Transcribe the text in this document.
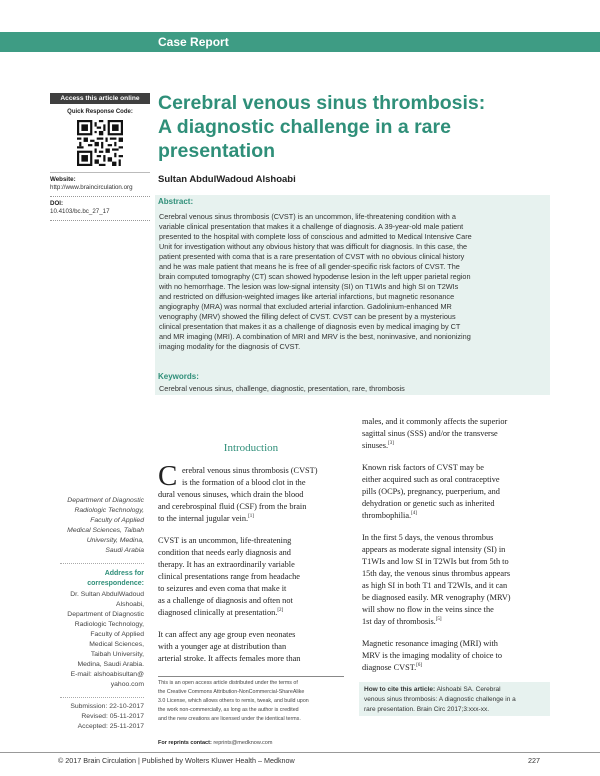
Case Report
Access this article online
Quick Response Code:
Website:
http://www.braincirculation.org
DOI:
10.4103/bc.bc_27_17
Cerebral venous sinus thrombosis:
A diagnostic challenge in a rare
presentation
Sultan AbdulWadoud Alshoabi
Abstract:
Cerebral venous sinus thrombosis (CVST) is an uncommon, life-threatening condition with a
variable clinical presentation that makes it a challenge of diagnosis. A 39-year-old male patient
presented to the hospital with complete loss of conscious and admitted to Medical Intensive Care
Unit for investigation without any obvious history that was difficult for diagnosis. In this case, the
patient presented with coma that is a rare presentation of CVST with no obvious clinical history
and he was male patient that means he is free of all gender-specific risk factors of CVST. The
brain computed tomography (CT) scan showed hypodense lesion in the left upper parietal region
with no hemorrhage. The lesion was low-signal intensity (SI) on T1WIs and high SI on T2WIs
and restricted on diffusion-weighted images like arterial infarctions, but magnetic resonance
angiography (MRA) was normal that excluded arterial infarction. Gadolinium-enhanced MR
venography (MRV) showed the filling defect of CVST. CVST can be present by a mysterious
clinical presentation that makes it as a challenge of diagnosis even by medical imaging by CT
and MR imaging (MRI). A combination of MRI and MRV is the best, noninvasive, and nonionizing
imaging modality for the diagnosis of CVST.
Keywords:
Cerebral venous sinus, challenge, diagnostic, presentation, rare, thrombosis
Department of Diagnostic
Radiologic Technology,
Faculty of Applied
Medical Sciences, Taibah
University, Medina,
Saudi Arabia
Address for
correspondence:
Dr. Sultan AbdulWadoud
Alshoabi,
Department of Diagnostic
Radiologic Technology,
Faculty of Applied
Medical Sciences,
Taibah University,
Medina, Saudi Arabia.
E-mail: alshoabisultan@
yahoo.com
Submission: 22-10-2017
Revised: 05-11-2017
Accepted: 25-11-2017
Introduction
C erebral venous sinus thrombosis (CVST)
is the formation of a blood clot in the
dural venous sinuses, which drain the blood
and cerebrospinal fluid (CSF) from the brain
to the internal jugular vein.[1]
CVST is an uncommon, life-threatening
condition that needs early diagnosis and
therapy. It has an extraordinarily variable
clinical presentations range from headache
to seizures and even coma that make it
as a challenge of diagnosis and often not
diagnosed clinically at presentation.[2]
It can affect any age group even neonates
with a younger age at distribution than
arterial stroke. It affects females more than
This is an open access article distributed under the terms of
the Creative Commons Attribution-NonCommercial-ShareAlike
3.0 License, which allows others to remix, tweak, and build upon
the work non-commercially, as long as the author is credited
and the new creations are licensed under the identical terms.
For reprints contact: reprints@medknow.com
males, and it commonly affects the superior
sagittal sinus (SSS) and/or the transverse
sinuses.[3]
Known risk factors of CVST may be
either acquired such as oral contraceptive
pills (OCPs), pregnancy, puerperium, and
dehydration or genetic such as inherited
thrombophilia.[4]
In the first 5 days, the venous thrombus
appears as moderate signal intensity (SI) in
T1WIs and low SI in T2WIs but from 5th to
15th day, the venous sinus thrombus appears
as high SI in both T1 and T2WIs, and it can
be diagnosed easily. MR venography (MRV)
will show no flow in the veins since the
1st day of thrombosis.[5]
Magnetic resonance imaging (MRI) with
MRV is the imaging modality of choice to
diagnose CVST.[6]
How to cite this article: Alshoabi SA. Cerebral
venous sinus thrombosis: A diagnostic challenge in a
rare presentation. Brain Circ 2017;3:xxx-xx.
© 2017 Brain Circulation | Published by Wolters Kluwer Health – Medknow	227
